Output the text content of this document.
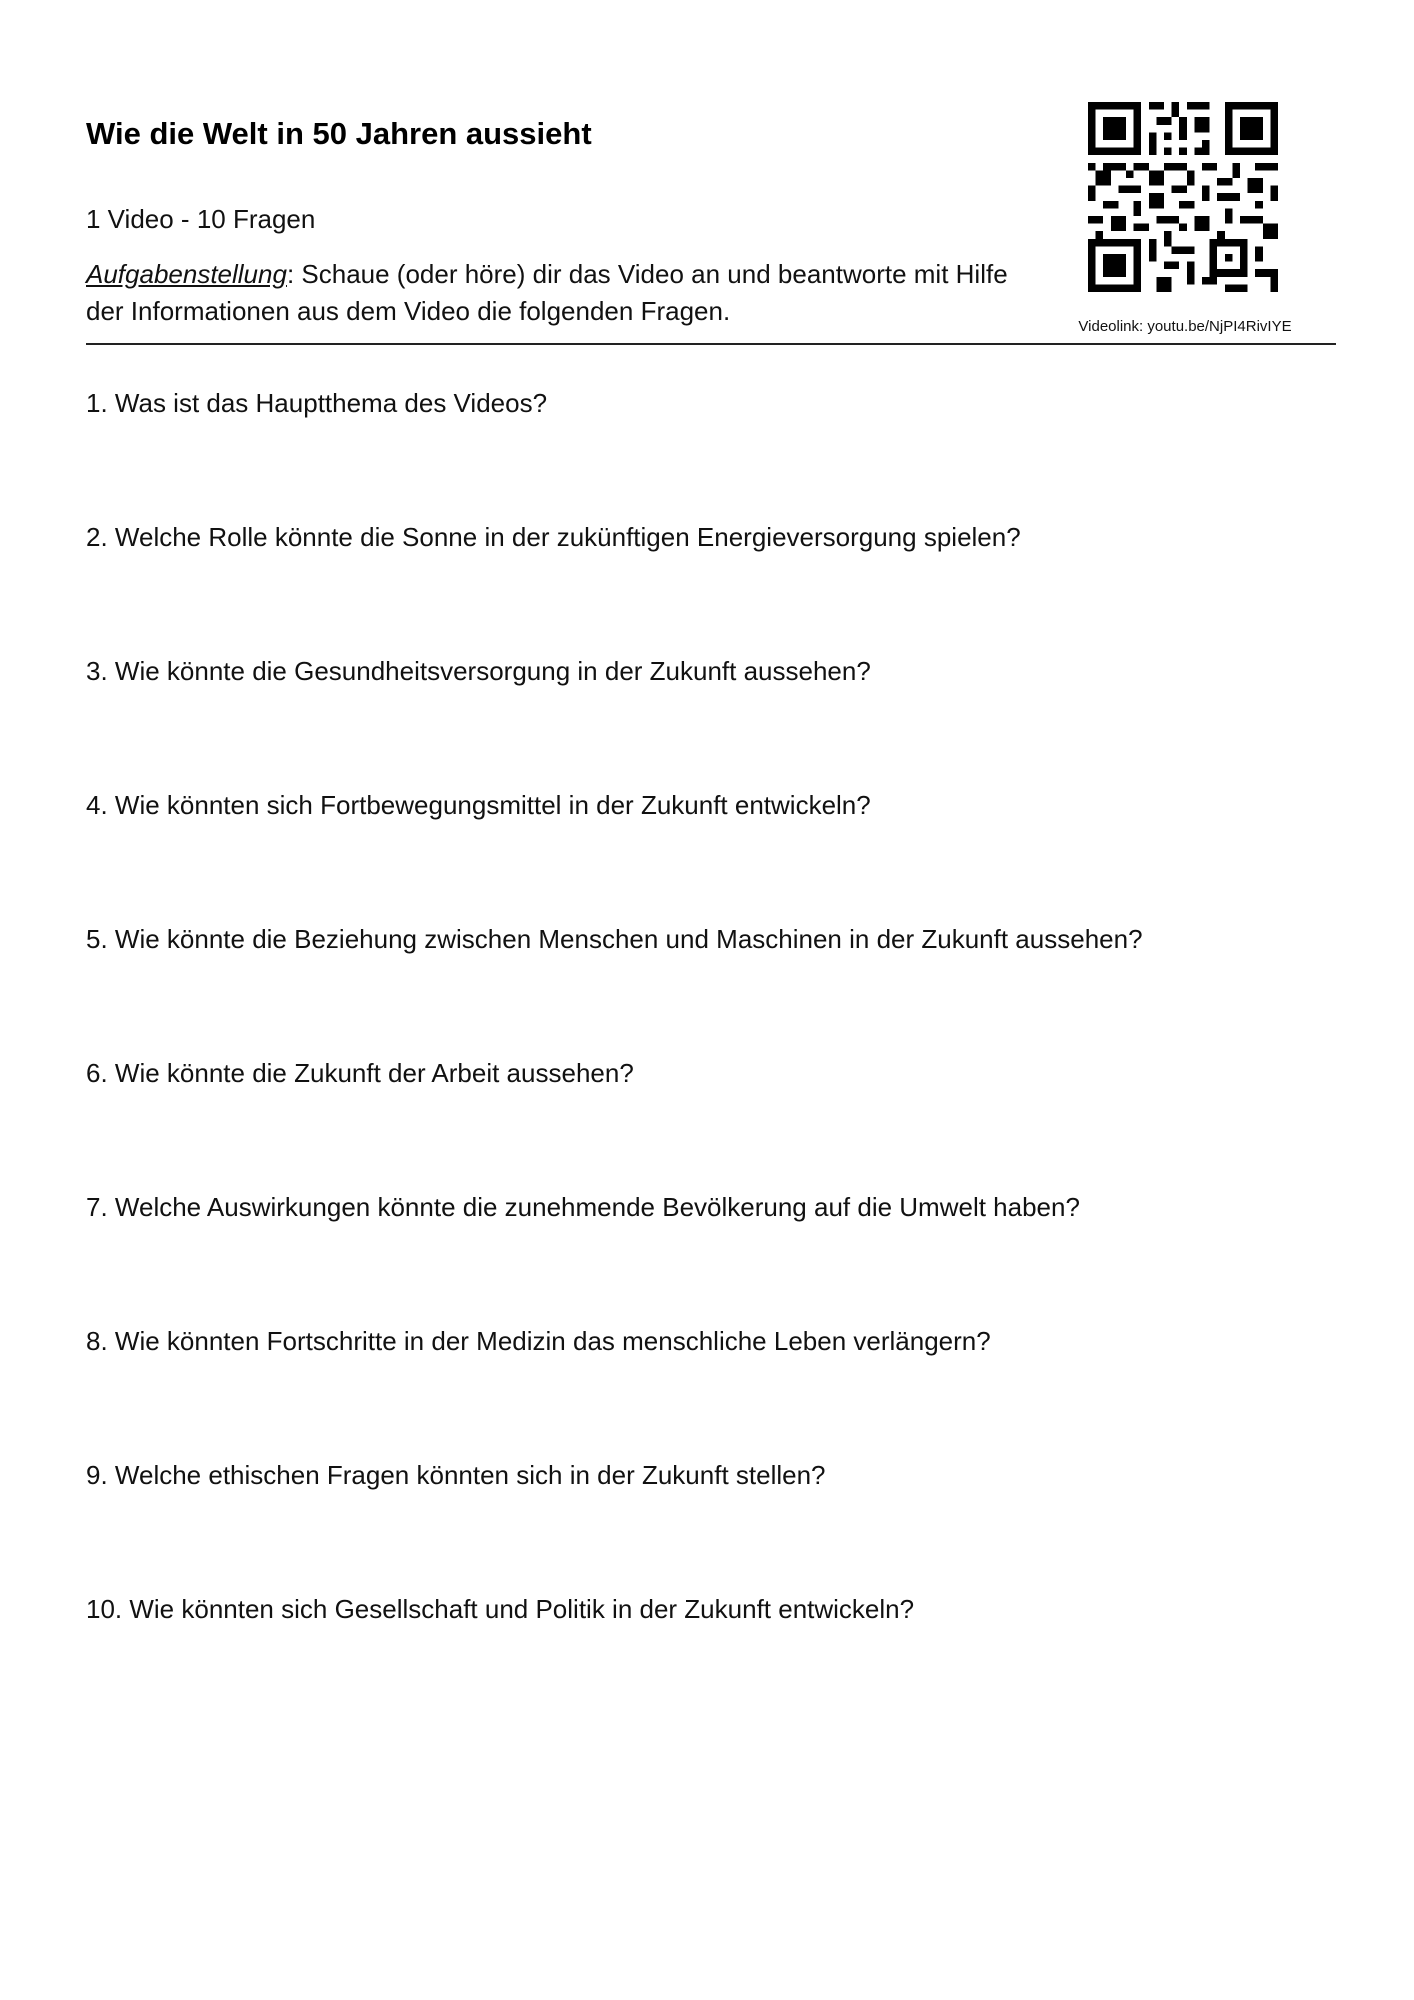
Wie die Welt in 50 Jahren aussieht

1 Video - 10 Fragen

Aufgabenstellung: Schaue (oder höre) dir das Video an und beantworte mit Hilfe der Informationen aus dem Video die folgenden Fragen.

Videolink: youtu.be/NjPI4RivIYE

1. Was ist das Hauptthema des Videos?
2. Welche Rolle könnte die Sonne in der zukünftigen Energieversorgung spielen?
3. Wie könnte die Gesundheitsversorgung in der Zukunft aussehen?
4. Wie könnten sich Fortbewegungsmittel in der Zukunft entwickeln?
5. Wie könnte die Beziehung zwischen Menschen und Maschinen in der Zukunft aussehen?
6. Wie könnte die Zukunft der Arbeit aussehen?
7. Welche Auswirkungen könnte die zunehmende Bevölkerung auf die Umwelt haben?
8. Wie könnten Fortschritte in der Medizin das menschliche Leben verlängern?
9. Welche ethischen Fragen könnten sich in der Zukunft stellen?
10. Wie könnten sich Gesellschaft und Politik in der Zukunft entwickeln?
